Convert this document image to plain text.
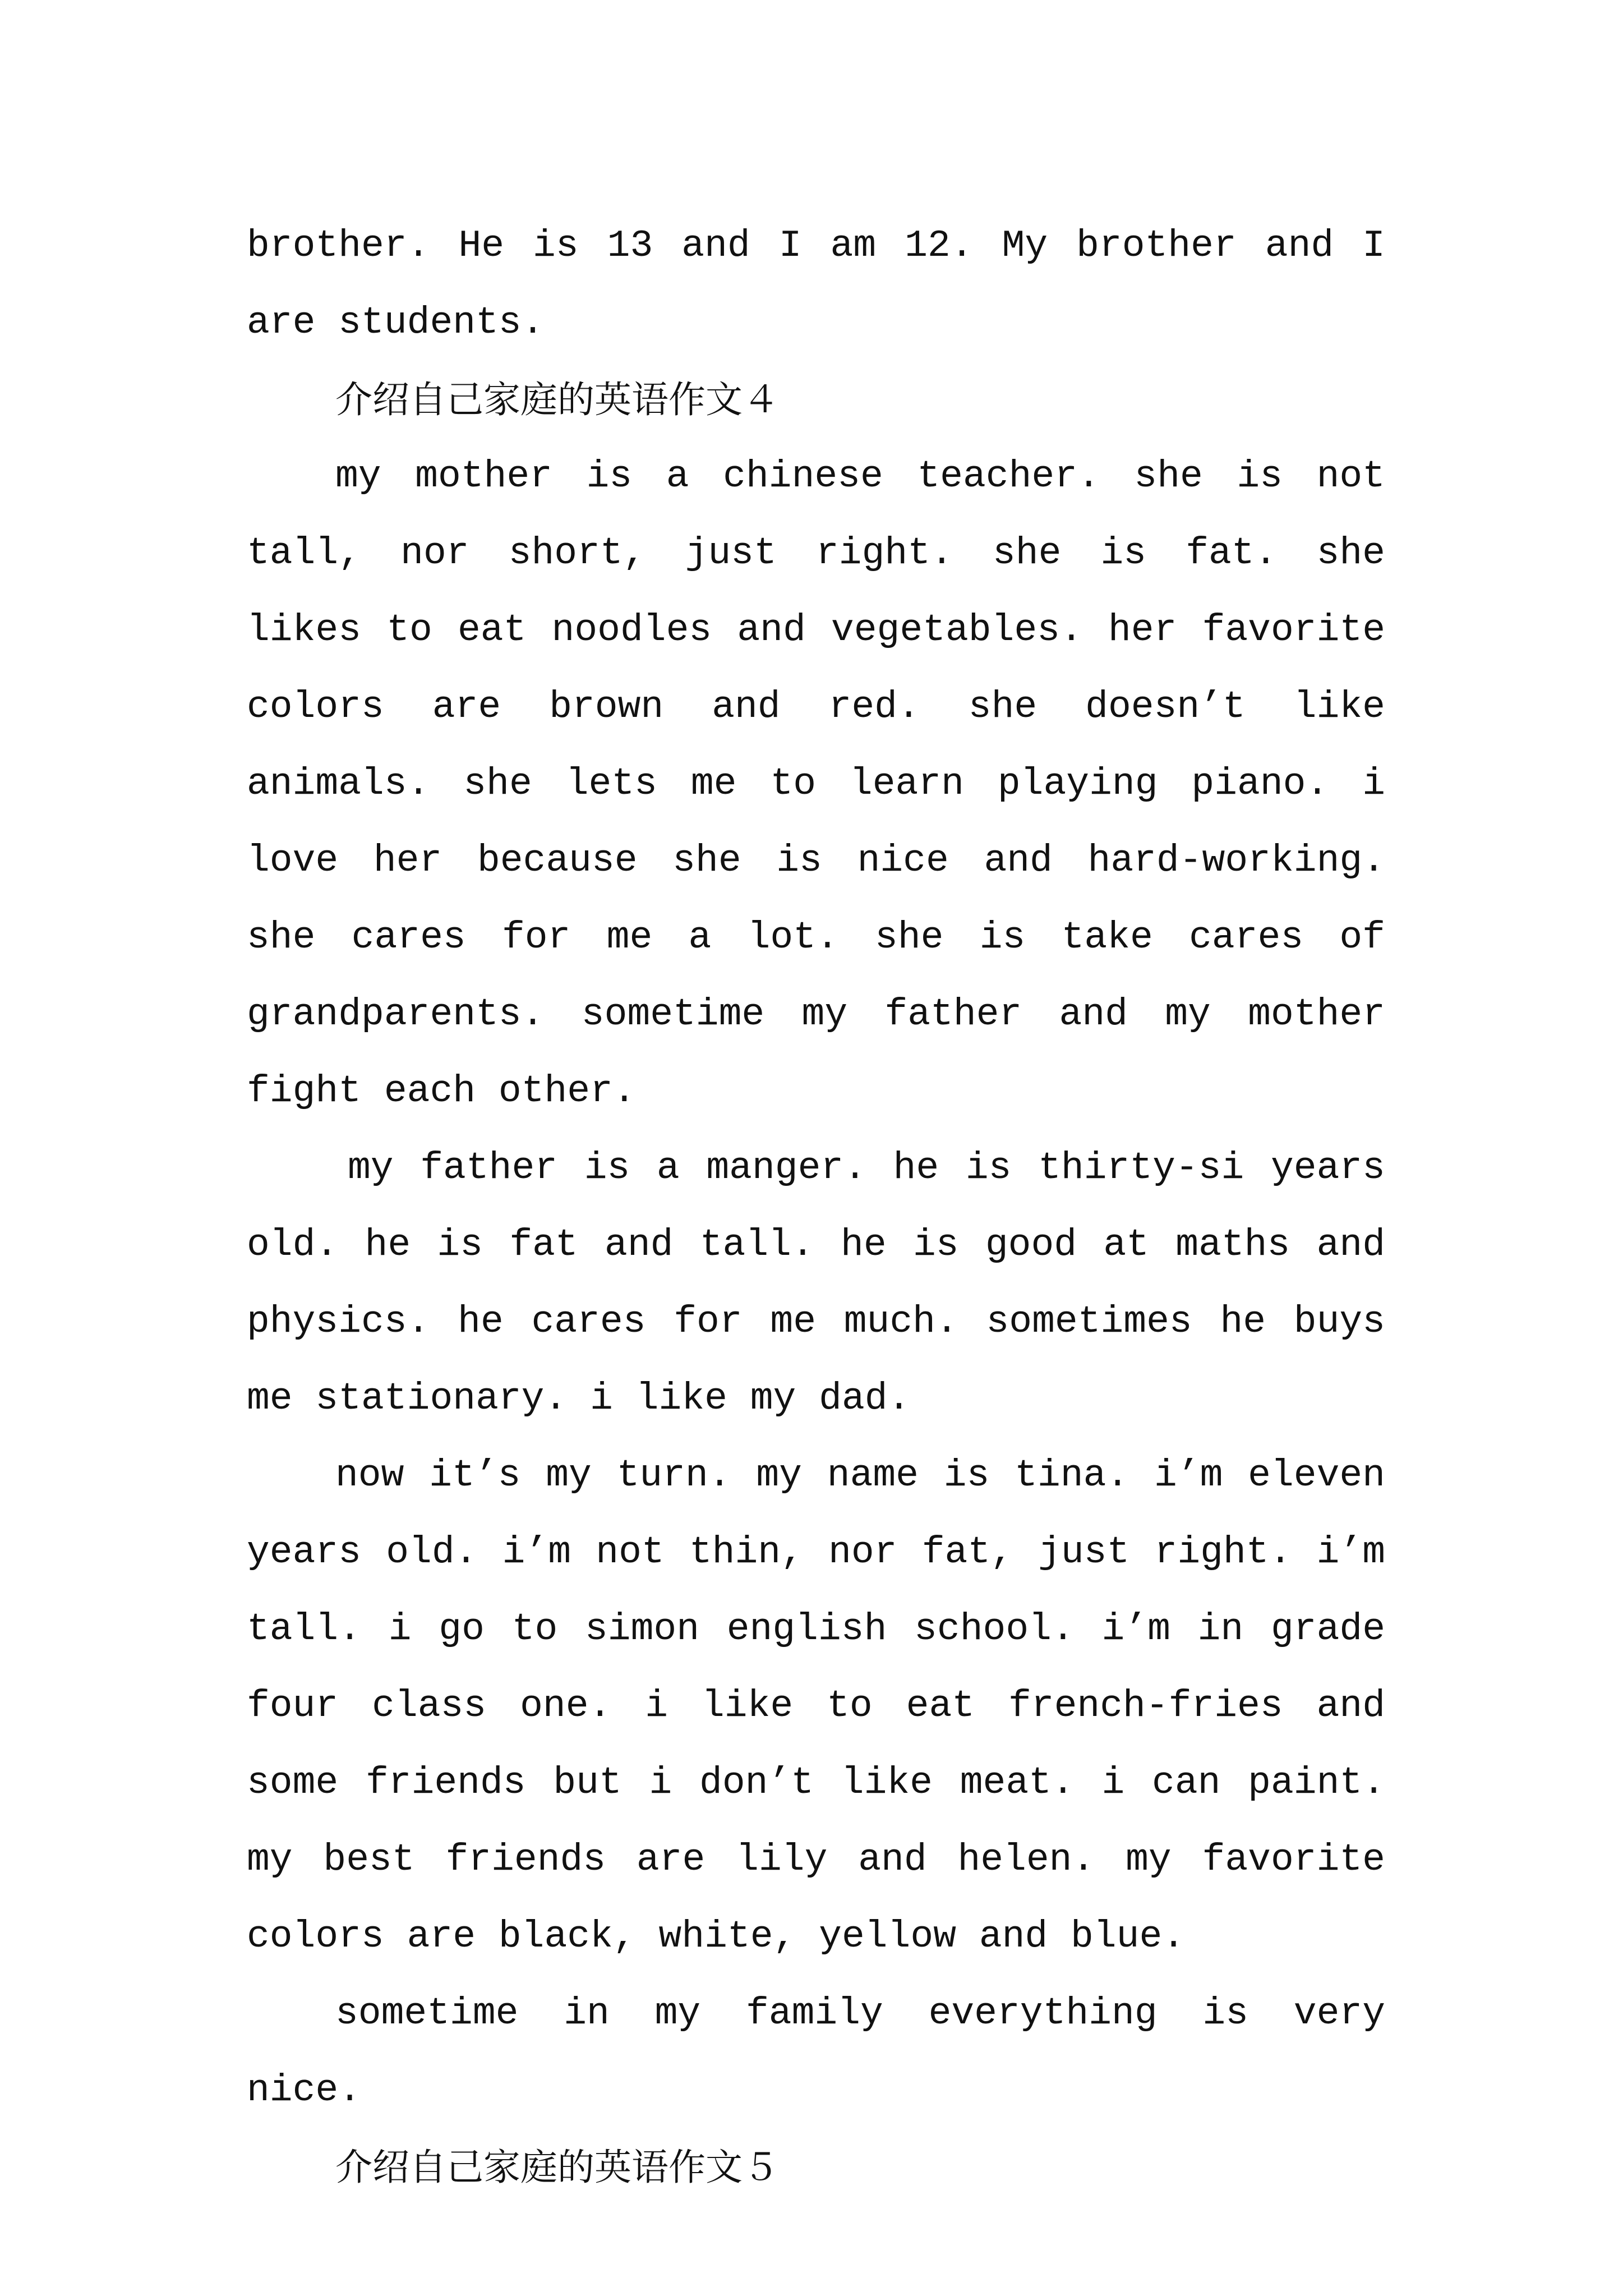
brother. He is 13 and I am 12. My brother and I are students.

介绍自己家庭的英语作文４

my mother is a chinese teacher. she is not tall, nor short, just right. she is fat. she likes to eat noodles and vegetables. her favorite colors are brown and red. she doesn’t like animals. she lets me to learn playing piano. i love her because she is nice and hard-working. she cares for me a lot. she is take cares of grandparents. sometime my father and my mother fight each other.

my father is a manger. he is thirty-si years old. he is fat and tall. he is good at maths and physics. he cares for me much. sometimes he buys me stationary. i like my dad.

now it’s my turn. my name is tina. i’m eleven years old. i’m not thin, nor fat, just right. i’m tall. i go to simon english school. i’m in grade four class one. i like to eat french-fries and some friends but i don’t like meat. i can paint. my best friends are lily and helen. my favorite colors are black, white, yellow and blue.

sometime in my family everything is very nice.

介绍自己家庭的英语作文５
